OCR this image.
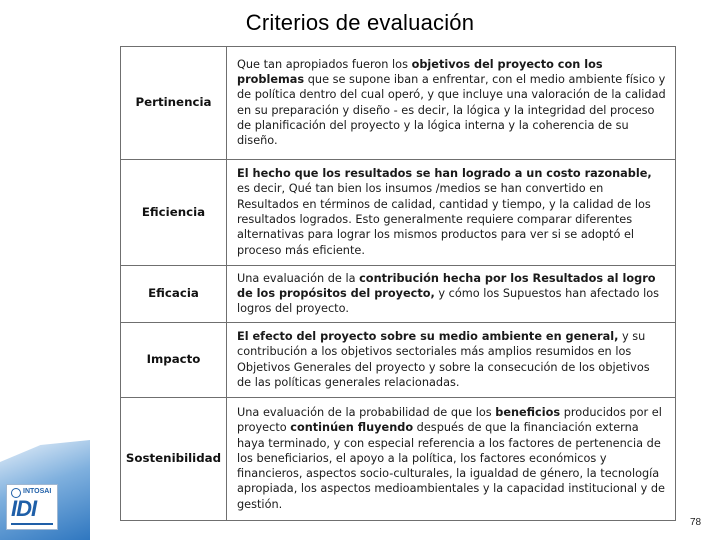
Criterios de evaluación
Pertinencia	Que tan apropiados fueron los objetivos del proyecto con los problemas que se supone iban a enfrentar, con el medio ambiente físico y de política dentro del cual operó, y que incluye una valoración de la calidad en su preparación y diseño - es decir, la lógica y la integridad del proceso de planificación del proyecto y la lógica interna y la coherencia de su diseño.
Eficiencia	El hecho que los resultados se han logrado a un costo razonable, es decir, Qué tan bien los insumos /medios se han convertido en Resultados en términos de calidad, cantidad y tiempo, y la calidad de los resultados logrados. Esto generalmente requiere comparar diferentes alternativas para lograr los mismos productos para ver si se adoptó el proceso más eficiente.
Eficacia	Una evaluación de la contribución hecha por los Resultados al logro de los propósitos del proyecto, y cómo los Supuestos han afectado los logros del proyecto.
Impacto	El efecto del proyecto sobre su medio ambiente en general, y su contribución a los objetivos sectoriales más amplios resumidos en los Objetivos Generales del proyecto y sobre la consecución de los objetivos de las políticas generales relacionadas.
Sostenibilidad	Una evaluación de la probabilidad de que los beneficios producidos por el proyecto continúen fluyendo después de que la financiación externa haya terminado, y con especial referencia a los factores de pertenencia de los beneficiarios, el apoyo a la política, los factores económicos y financieros, aspectos socio-culturales, la igualdad de género, la tecnología apropiada, los aspectos medioambientales y la capacidad institucional y de gestión.
INTOSAI
IDI
78
